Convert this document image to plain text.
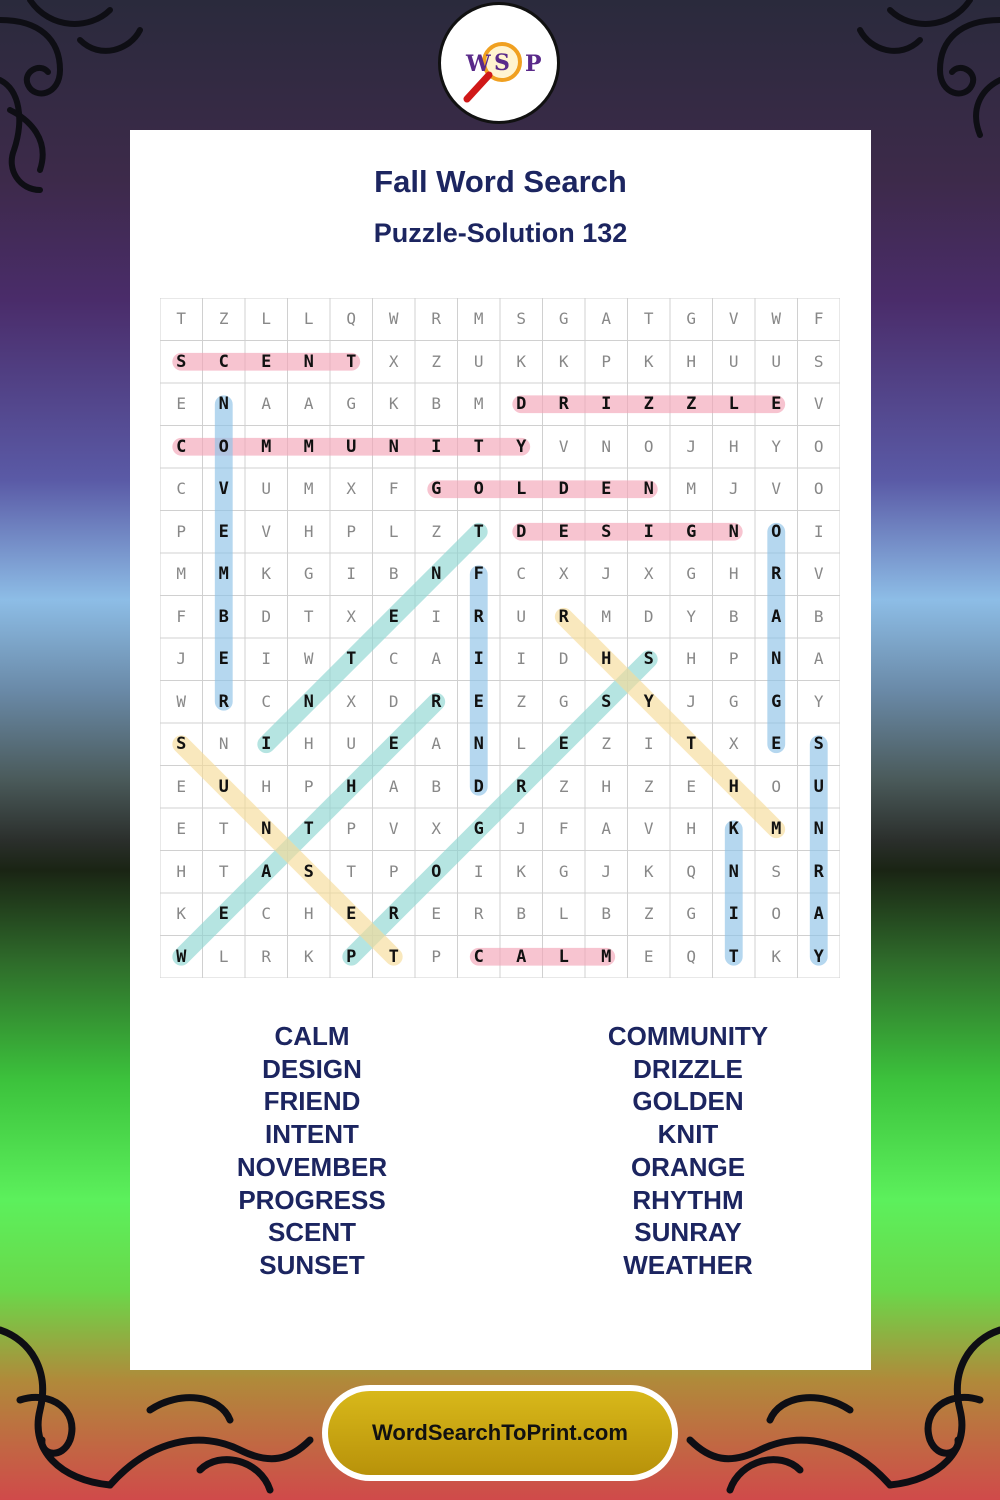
W S P
Fall Word Search
Puzzle-Solution 132
T	Z	L	L	Q	W	R	M	S	G	A	T	G	V	W	F
S	C	E	N	T	X	Z	U	K	K	P	K	H	U	U	S
E	N	A	A	G	K	B	M	D	R	I	Z	Z	L	E	V
C	O	M	M	U	N	I	T	Y	V	N	O	J	H	Y	O
C	V	U	M	X	F	G	O	L	D	E	N	M	J	V	O
P	E	V	H	P	L	Z	T	D	E	S	I	G	N	O	I
M	M	K	G	I	B	N	F	C	X	J	X	G	H	R	V
F	B	D	T	X	E	I	R	U	R	M	D	Y	B	A	B
J	E	I	W	T	C	A	I	I	D	H	S	H	P	N	A
W	R	C	N	X	D	R	E	Z	G	S	Y	J	G	G	Y
S	N	I	H	U	E	A	N	L	E	Z	I	T	X	E	S
E	U	H	P	H	A	B	D	R	Z	H	Z	E	H	O	U
E	T	N	T	P	V	X	G	J	F	A	V	H	K	M	N
H	T	A	S	T	P	O	I	K	G	J	K	Q	N	S	R
K	E	C	H	E	R	E	R	B	L	B	Z	G	I	O	A
W	L	R	K	P	T	P	C	A	L	M	E	Q	T	K	Y
CALM
DESIGN
FRIEND
INTENT
NOVEMBER
PROGRESS
SCENT
SUNSET
COMMUNITY
DRIZZLE
GOLDEN
KNIT
ORANGE
RHYTHM
SUNRAY
WEATHER
WordSearchToPrint.com
